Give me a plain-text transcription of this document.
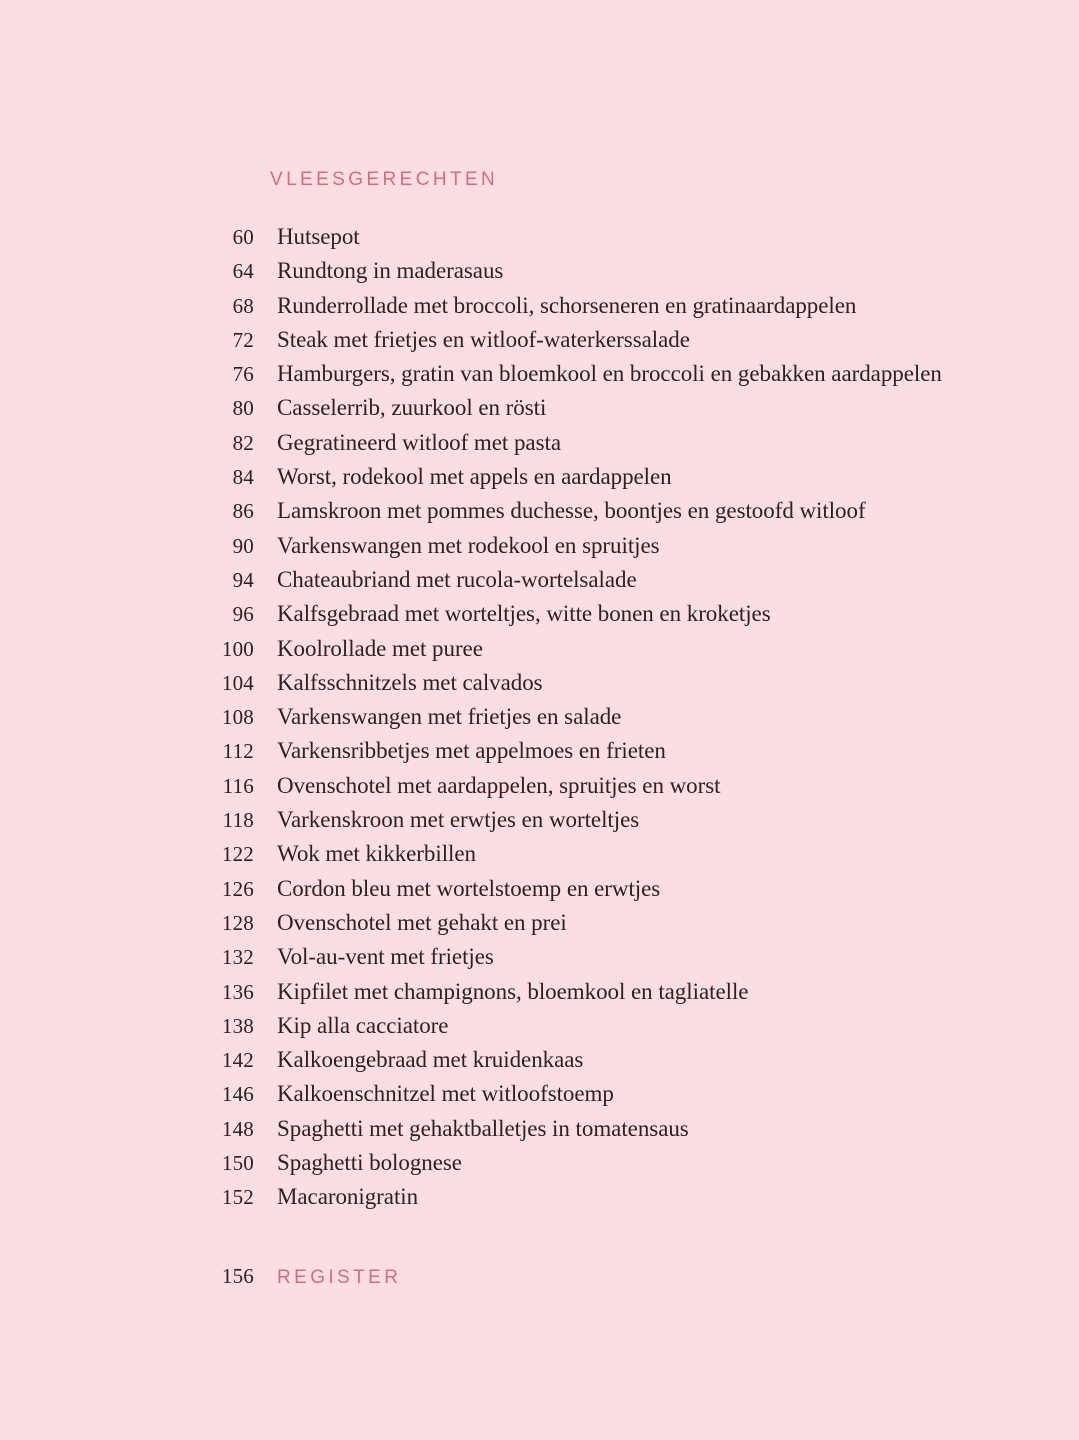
VLEESGERECHTEN
60 Hutsepot
64 Rundtong in maderasaus
68 Runderrollade met broccoli, schorseneren en gratinaardappelen
72 Steak met frietjes en witloof-waterkerssalade
76 Hamburgers, gratin van bloemkool en broccoli en gebakken aardappelen
80 Casselerrib, zuurkool en rösti
82 Gegratineerd witloof met pasta
84 Worst, rodekool met appels en aardappelen
86 Lamskroon met pommes duchesse, boontjes en gestoofd witloof
90 Varkenswangen met rodekool en spruitjes
94 Chateaubriand met rucola-wortelsalade
96 Kalfsgebraad met worteltjes, witte bonen en kroketjes
100 Koolrollade met puree
104 Kalfsschnitzels met calvados
108 Varkenswangen met frietjes en salade
112 Varkensribbetjes met appelmoes en frieten
116 Ovenschotel met aardappelen, spruitjes en worst
118 Varkenskroon met erwtjes en worteltjes
122 Wok met kikkerbillen
126 Cordon bleu met wortelstoemp en erwtjes
128 Ovenschotel met gehakt en prei
132 Vol-au-vent met frietjes
136 Kipfilet met champignons, bloemkool en tagliatelle
138 Kip alla cacciatore
142 Kalkoengebraad met kruidenkaas
146 Kalkoenschnitzel met witloofstoemp
148 Spaghetti met gehaktballetjes in tomatensaus
150 Spaghetti bolognese
152 Macaronigratin
156 REGISTER
